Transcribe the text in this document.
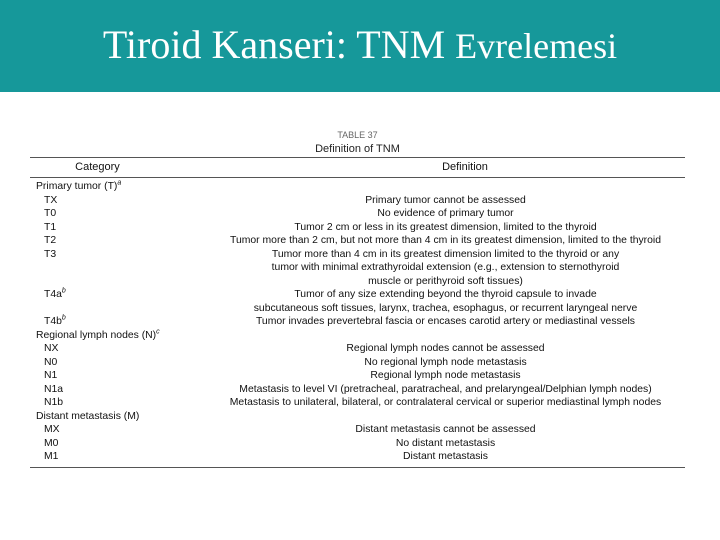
Tiroid Kanseri: TNM Evrelemesi
TABLE 37
Definition of TNM
Category	Definition
Primary tumor $(T)^a$
TX	Primary tumor cannot be assessed
T0	No evidence of primary tumor
T1	Tumor 2 cm or less in its greatest dimension, limited to the thyroid
T2	Tumor more than 2 cm, but not more than 4 cm in its greatest dimension, limited to the thyroid
T3	Tumor more than 4 cm in its greatest dimension limited to the thyroid or any
tumor with minimal extrathyroidal extension (e.g., extension to sternothyroid
muscle or perithyroid soft tissues)
$T4a^b$	Tumor of any size extending beyond the thyroid capsule to invade
subcutaneous soft tissues, larynx, trachea, esophagus, or recurrent laryngeal nerve
$T4b^b$	Tumor invades prevertebral fascia or encases carotid artery or mediastinal vessels
Regional lymph nodes $(N)^c$
NX	Regional lymph nodes cannot be assessed
N0	No regional lymph node metastasis
N1	Regional lymph node metastasis
N1a	Metastasis to level VI (pretracheal, paratracheal, and prelaryngeal/Delphian lymph nodes)
N1b	Metastasis to unilateral, bilateral, or contralateral cervical or superior mediastinal lymph nodes
Distant metastasis (M)
MX	Distant metastasis cannot be assessed
M0	No distant metastasis
M1	Distant metastasis
